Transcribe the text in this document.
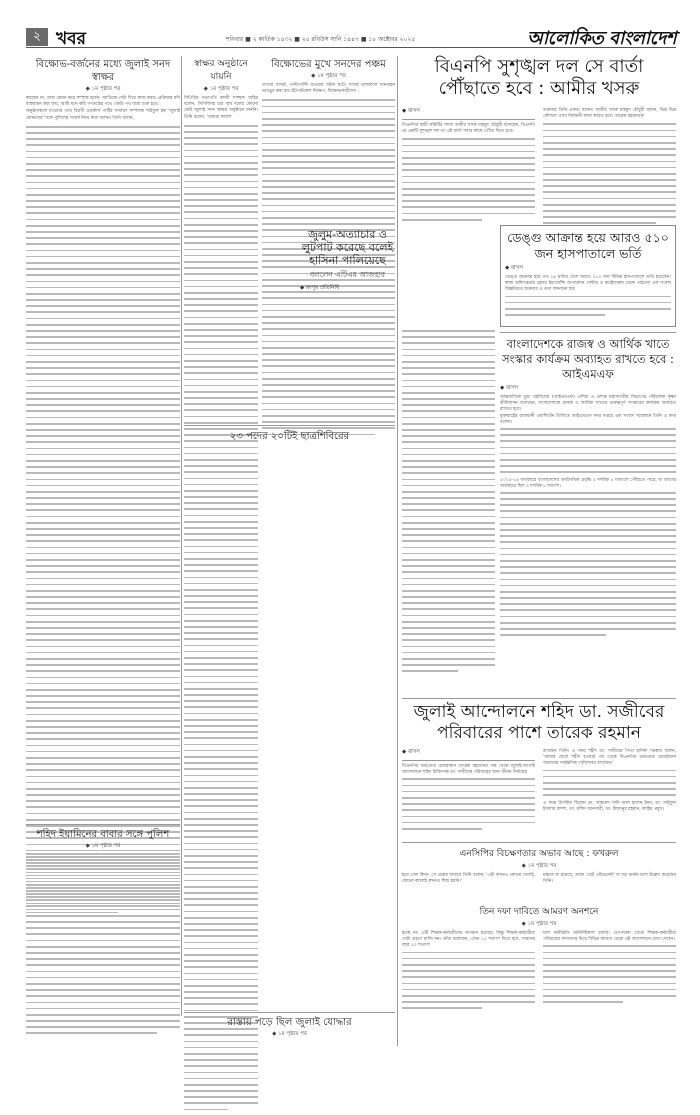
২ খবর	শনিবার ■ ২ কার্তিক ১৪৩২ ■ ২৫ রবিউস সানি ১৪৪৭ ■ ১৮ অক্টোবর ২০২৫	আলোকিত বাংলাদেশ
বিক্ষোভ-বর্জনের মধ্যে জুলাই সনদ স্বাক্ষর
◆ ১ম পৃষ্ঠার পর
করছেন না, তারা কেমন করে সম্পৃক্ত হবেন- জাতিকে সেটা দিয়ে কাজ করব। প্রক্রিয়ার যদি বাস্তবায়ন করা যায়, আমি মনে করি গণতন্ত্রের পথে একটা পথ যাত্রা শুরু হবে।
অনুষ্ঠানস্থলে যাওয়ার পথে বিপ্লবী ওয়ার্কার্স পার্টির সাধারণ সম্পাদক সাইফুল হক 'জুলাই যোদ্ধাদের' সঙ্গে পুলিশের সংঘর্ষ নিয়ে কথা বলেন। তিনি বলেন,
শহিদ ইয়ামিনের বাবার সঙ্গে পুলিশ
◆ ১ম পৃষ্ঠার পর
স্বাক্ষর অনুষ্ঠানে যায়নি
◆ ১ম পৃষ্ঠার পর
সিপিবির সভাপতি কাজী সাজ্জাদ জহির বলেন, সিপিবিসহ চার বাম দলের কোনো কেউ জুলাই সনদ স্বাক্ষর অনুষ্ঠানে যাননি। তিনি বলেন, 'আমরা কালো
বিক্ষোভের মুখে সনদের পঞ্চম
◆ ১ম পৃষ্ঠার পর
তাদের সংঘর্ষ, পাল্টাপাল্টি ধাওয়ার ঘটনা ঘটে। সংঘর্ষ চলাকালে যানবাহন ভাঙচুর করা হয়। ইটপাটকেল নিক্ষেপ, বিক্ষোভকারীদের
২৩ পদের ২০টিই ছাত্রশিবিরের
জুলুম-অত্যাচার ও লুটপাট করেছে বলেই হাসিনা পালিয়েছে
বললেন এটিএম আজহার
◆ রংপুর প্রতিনিধি
রাস্তায় পড়ে ছিল জুলাই যোদ্ধার
◆ ১ম পৃষ্ঠার পর
বিএনপি সুশৃঙ্খল দল সে বার্তা পৌঁছাতে হবে : আমীর খসরু
◆ বাসস
বিএনপির স্থায়ী কমিটির সদস্য আমীর খসরু মাহমুদ চৌধুরী বলেছেন, বিএনপি যে একটি সুশৃঙ্খল দল তা এই বার্তা সবার কাছে পৌঁছে দিতে হবে।
শুক্রবার তিনি একথা বলেন। আমীর খসরু মাহমুদ চৌধুরী বলেন, ভিন্ন ভিন্ন কৌশলে এসব নির্বাচনী কাজ করতে হবে। তারেক রহমানকে
ডেঙ্গু আক্রান্ত হয়ে আরও ৫১০ জন হাসপাতালে ভর্তি
◆ বাসস
ডেঙ্গু আক্রান্ত হয়ে গত ২৪ ঘণ্টায় দেশে আরও ৫১০ জন বিভিন্ন হাসপাতালে ভর্তি হয়েছেন। স্বাস্থ্য অধিদপ্তরের হেলথ ইমার্জেন্সি অপারেশন সেন্টার ও কন্ট্রোলরুম থেকে পাঠানো এক সংবাদ বিজ্ঞপ্তিতে শুক্রবার এ তথ্য জানানো হয়।
বাংলাদেশকে রাজস্ব ও আর্থিক খাতে সংস্কার কার্যক্রম অব্যাহত রাখতে হবে : আইএমএফ
◆ বাসস
আন্তর্জাতিক মুদ্রা তহবিলের (আইএমএফ) এশিয়া ও প্রশান্ত মহাসাগরীয় বিভাগের পরিচালক কৃষ্ণা শ্রীনিবাসন বলেছেন, বাংলাদেশকে রাজস্ব ও আর্থিক খাতের গুরুত্বপূর্ণ সংস্কারের কার্যক্রম অব্যাহত রাখতে হবে।
যুক্তরাষ্ট্রের রাজধানী ওয়াশিংটন ডিসিতে আইএমএফ সদর দপ্তরে এক সংবাদ সম্মেলনে তিনি এ কথা বলেন।
২০২৫-২৬ অর্থবছরে বাংলাদেশের অর্থনৈতিক প্রবৃদ্ধি ৫ দশমিক ৪ শতাংশে পৌঁছাতে পারে, যা আগের অর্থবছরে ছিল ৩ দশমিক ৮ শতাংশ।
জুলাই আন্দোলনে শহিদ ডা. সজীবের পরিবারের পাশে তারেক রহমান
◆ বাসস
বিএনপির ভারপ্রাপ্ত চেয়ারম্যান তারেক রহমানের পক্ষ থেকে জুলাই-আগস্ট আন্দোলনে শহিদ চিকিৎসক ডা. সজীবের পরিবারের জন্য জীবন নির্বাহের
রাখছেন তিনি। এ সময় শহীদ ডা. সজীবের পিতা হানিফ সরকার বলেন, 'আমার ছেলে শহীদ হওয়ার পর থেকে বিএনপির ভারপ্রাপ্ত চেয়ারম্যান আমাদের সার্বক্ষণিক খোঁজখবর রাখছেন।'
এ সময় উপস্থিত ছিলেন ডা. আহমেদ সাদি আল হাসান ইমন, ডা. সাইফুল ইসলাম বাদশা, ডা. মফিদ আনসারী, ডা. মিজানুর রহমান, ফাহিম প্রমুখ।
এনসিপির বিচক্ষণতার অভাব আছে : ফখরুল
◆ ১ম পৃষ্ঠার পর
হয়ে গেল কিনা- সে প্রশ্নের জবাবে তিনি বলেন, 'এটা কখনও কোনো দেশেই, কোনো কালেই কখনও শিশু হয়নি।'
মন্তব্যে যা হয়েছে, তাকে 'গ্রেট এচিভমেন্ট' বা বড় অর্জন বলে উল্লেখ করেছেন তিনি।
তিন দফা দাবিতে আমরণ অনশনে
◆ ১ম পৃষ্ঠার পর
হচ্ছে না। এটি শিক্ষক-কর্মচারীদের অপমান হয়েছে। কিন্তু শিক্ষক-কর্মচারীরা সেটা গ্রহণে রাজি নন। তাঁরা বলেছেন, এখন ১০ শতাংশ দিতে হবে, সামনের বছর ১০ শতাংশ
চলা কর্মবিরতি অনির্দিষ্টকাল চলবে। তোপখানা থেকে শিক্ষক-কর্মচারীরা পরিবারের সদস্যদের নিয়ে বিভিন্ন জায়গা থেকে এই আন্দোলনে যোগ দেবেন।
